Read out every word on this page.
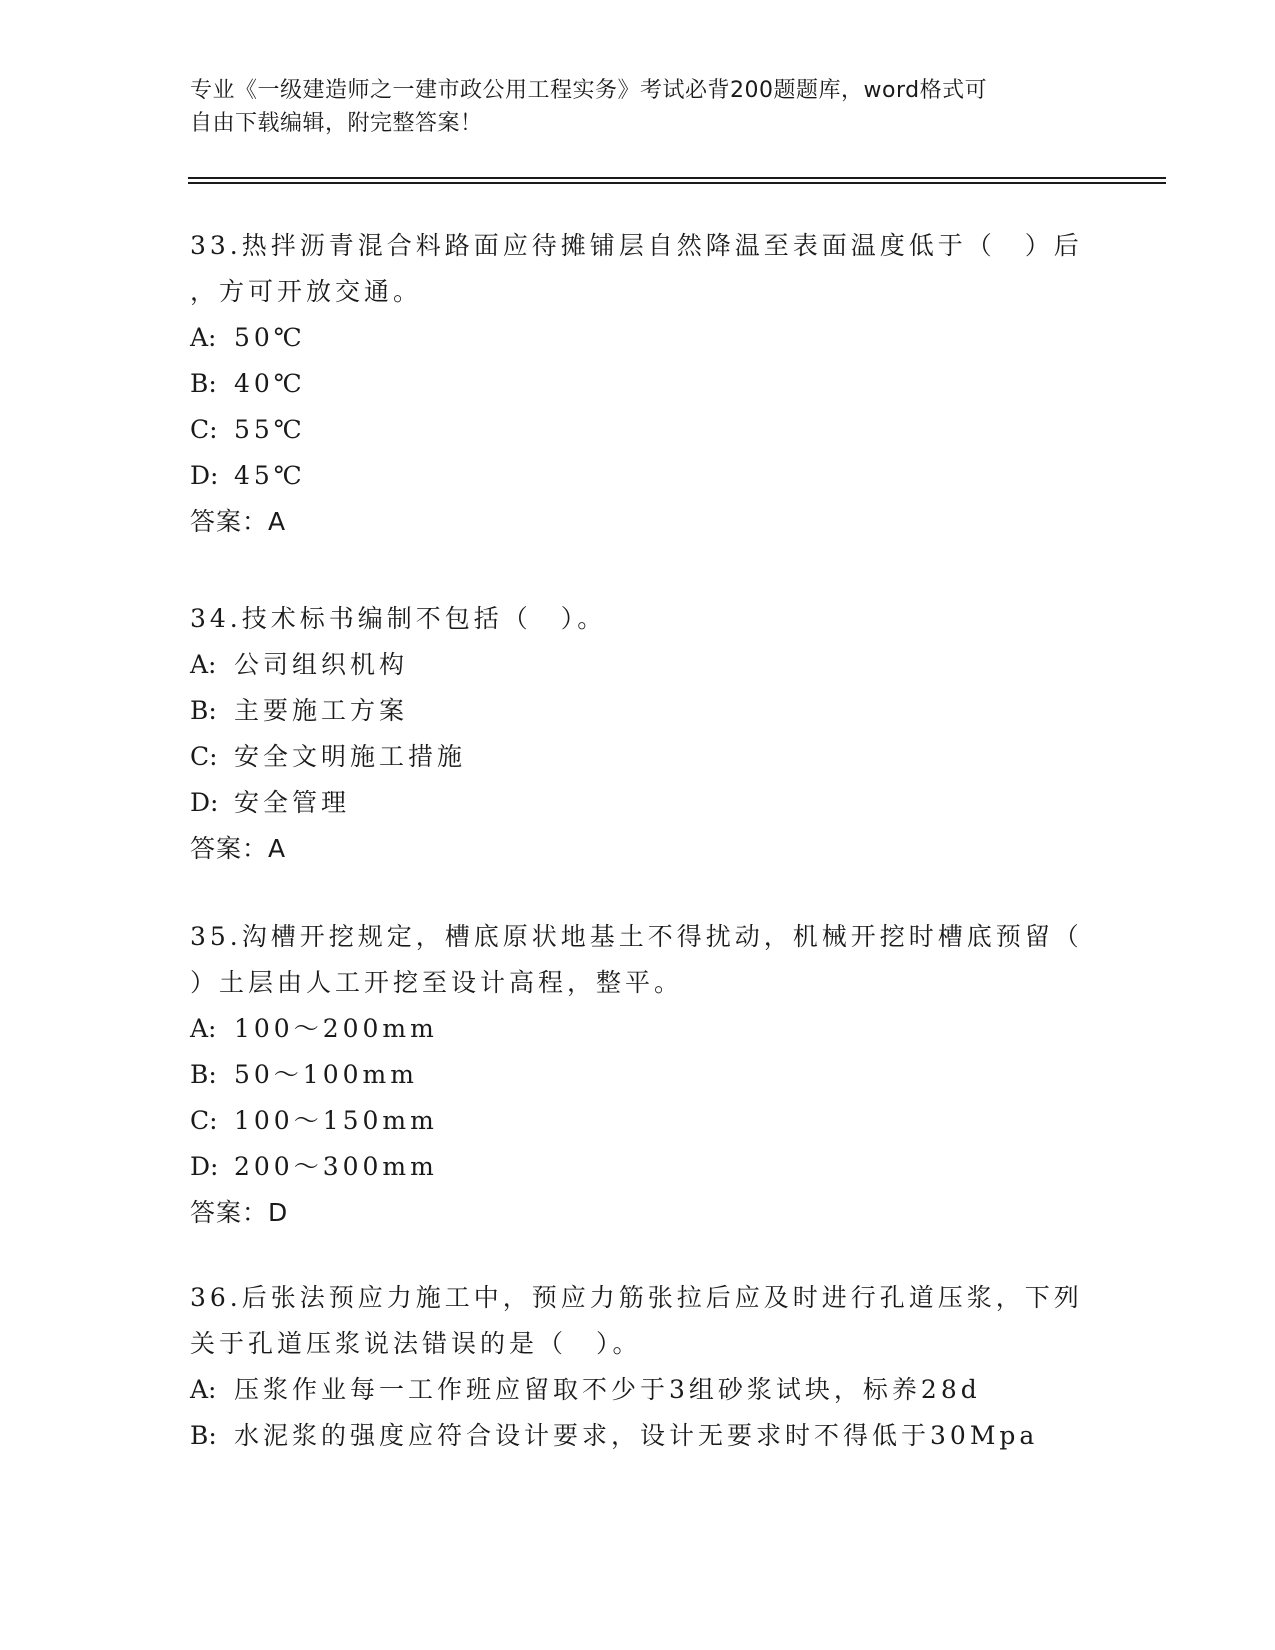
专业《一级建造师之一建市政公用工程实务》考试必背200题题库，word格式可
自由下载编辑，附完整答案！
33.热拌沥青混合料路面应待摊铺层自然降温至表面温度低于（　）后
，方可开放交通。
A: 50℃
B: 40℃
C: 55℃
D: 45℃
答案：A
34.技术标书编制不包括（　）。
A: 公司组织机构
B: 主要施工方案
C: 安全文明施工措施
D: 安全管理
答案：A
35.沟槽开挖规定，槽底原状地基土不得扰动，机械开挖时槽底预留（
）土层由人工开挖至设计高程，整平。
A: 100～200mm
B: 50～100mm
C: 100～150mm
D: 200～300mm
答案：D
36.后张法预应力施工中，预应力筋张拉后应及时进行孔道压浆，下列
关于孔道压浆说法错误的是（　）。
A: 压浆作业每一工作班应留取不少于3组砂浆试块，标养28d
B: 水泥浆的强度应符合设计要求，设计无要求时不得低于30Mpa
